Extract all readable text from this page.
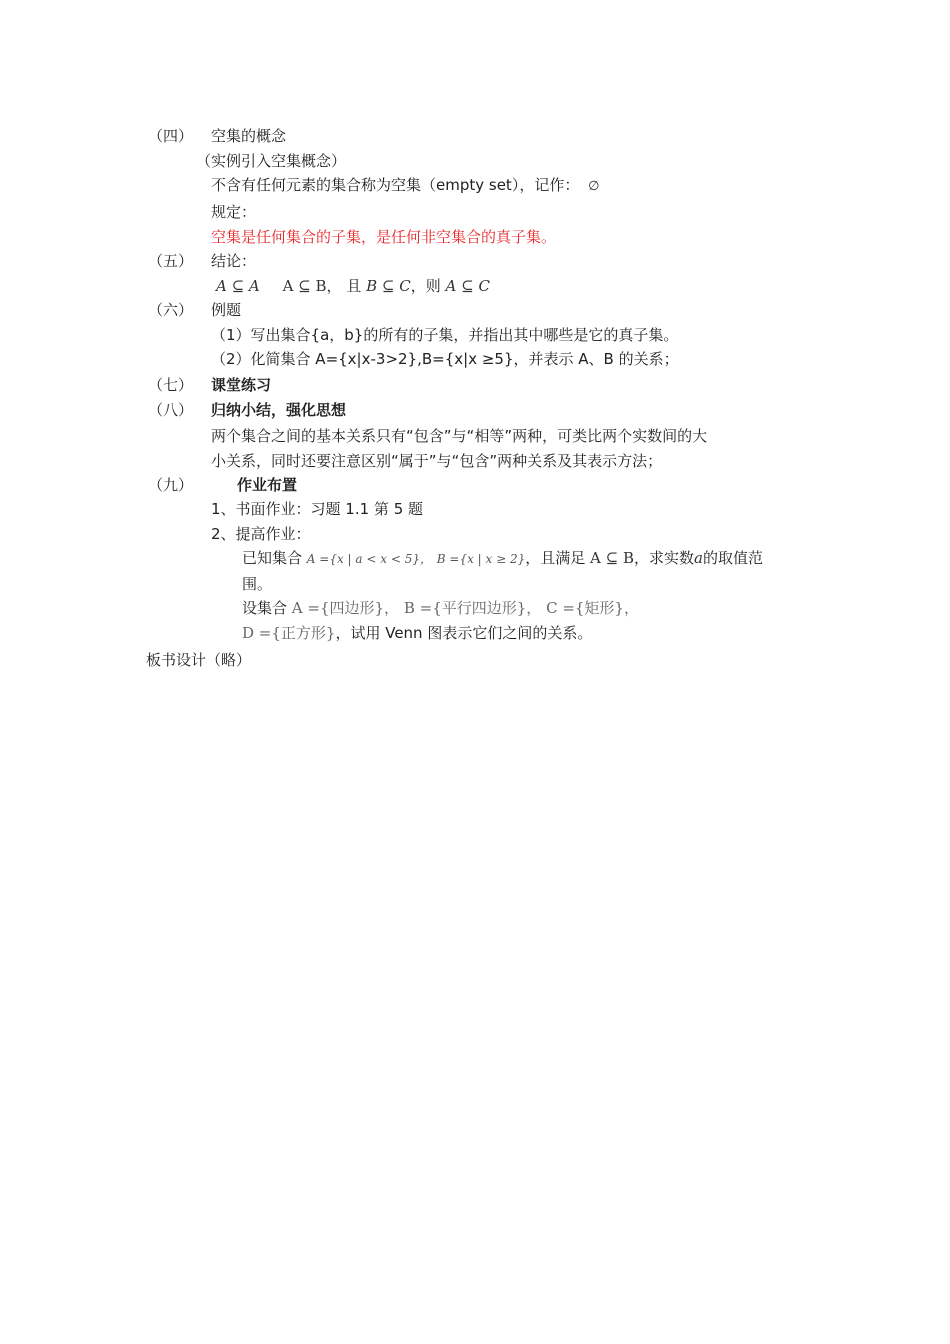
（四） 空集的概念
（实例引入空集概念）
不含有任何元素的集合称为空集（empty set），记作： ∅
规定：
空集是任何集合的子集，是任何非空集合的真子集。
（五） 结论：
A ⊆ A A ⊆ B， 且 B ⊆ C，则 A ⊆ C
（六） 例题
（1）写出集合{a，b}的所有的子集，并指出其中哪些是它的真子集。
（2）化简集合 A={x|x-3>2},B={x|x ≥5}，并表示 A、B 的关系；
（七） 课堂练习
（八） 归纳小结，强化思想
两个集合之间的基本关系只有“包含”与“相等”两种，可类比两个实数间的大
小关系，同时还要注意区别“属于”与“包含”两种关系及其表示方法；
（九）	作业布置
1、书面作业：习题 1.1 第 5 题
2、提高作业：
已知集合 A ={x | a < x < 5}， B ={x | x ≥ 2}，且满足 A ⊆ B，求实数a的取值范
围。
设集合 A ={四边形}， B ={平行四边形}， C ={矩形}，
D ={正方形}，试用 Venn 图表示它们之间的关系。
板书设计（略）
